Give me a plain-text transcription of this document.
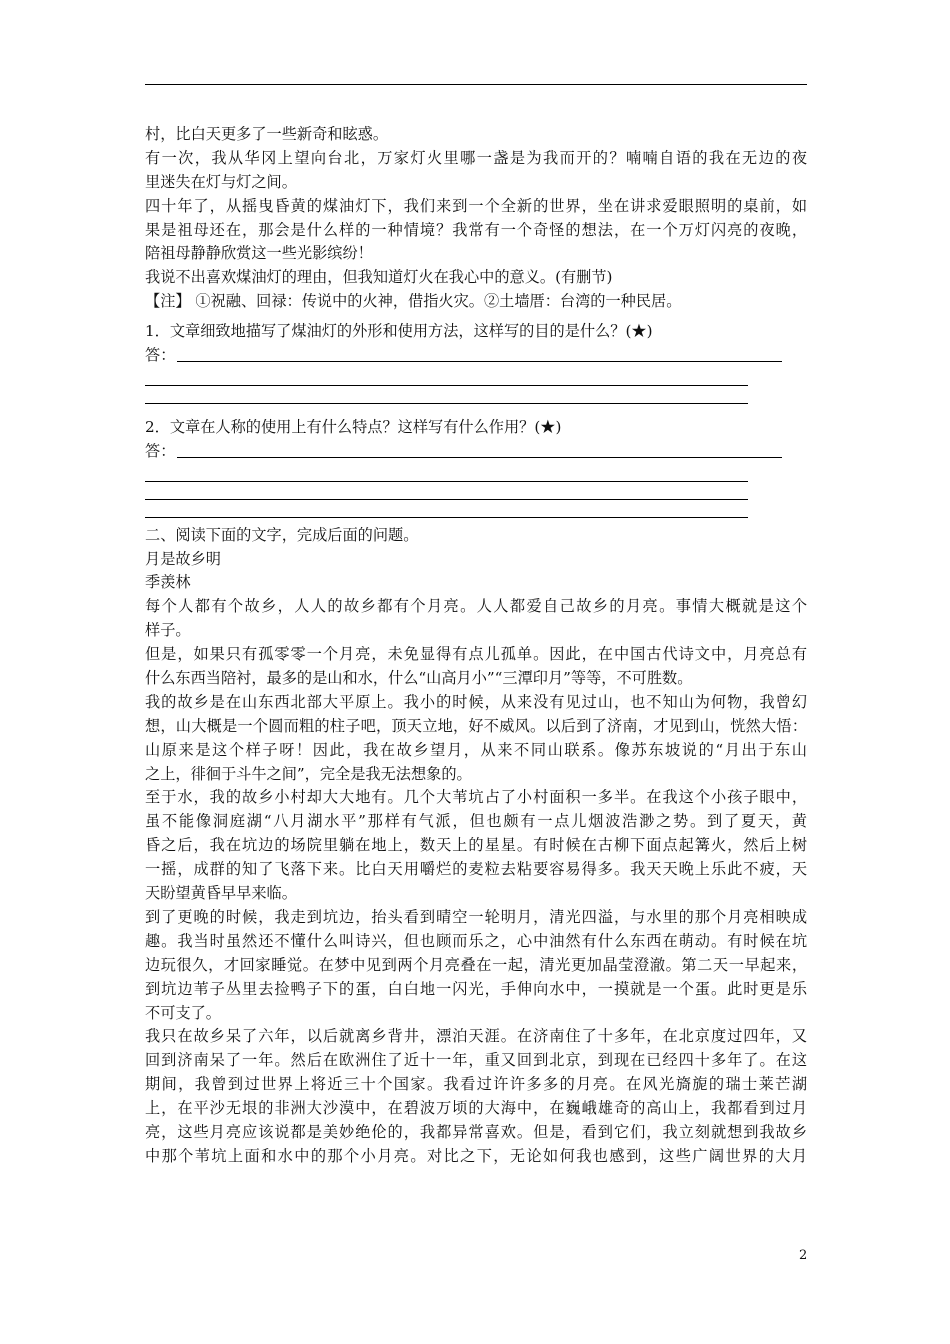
村，比白天更多了一些新奇和眩惑。
有一次，我从华冈上望向台北，万家灯火里哪一盏是为我而开的？喃喃自语的我在无边的夜
里迷失在灯与灯之间。
四十年了，从摇曳昏黄的煤油灯下，我们来到一个全新的世界，坐在讲求爱眼照明的桌前，如
果是祖母还在，那会是什么样的一种情境？我常有一个奇怪的想法，在一个万灯闪亮的夜晚，
陪祖母静静欣赏这一些光影缤纷！
我说不出喜欢煤油灯的理由，但我知道灯火在我心中的意义。(有删节)
【注】 ①祝融、回禄：传说中的火神，借指火灾。②土墙厝：台湾的一种民居。
1．文章细致地描写了煤油灯的外形和使用方法，这样写的目的是什么？(★)
答：
2．文章在人称的使用上有什么特点？这样写有什么作用？(★)
答：
二、阅读下面的文字，完成后面的问题。
月是故乡明
季羡林
每个人都有个故乡，人人的故乡都有个月亮。人人都爱自己故乡的月亮。事情大概就是这个
样子。
但是，如果只有孤零零一个月亮，未免显得有点儿孤单。因此，在中国古代诗文中，月亮总有
什么东西当陪衬，最多的是山和水，什么“山高月小”“三潭印月”等等，不可胜数。
我的故乡是在山东西北部大平原上。我小的时候，从来没有见过山，也不知山为何物，我曾幻
想，山大概是一个圆而粗的柱子吧，顶天立地，好不威风。以后到了济南，才见到山，恍然大悟：
山原来是这个样子呀！因此，我在故乡望月，从来不同山联系。像苏东坡说的“月出于东山
之上，徘徊于斗牛之间”，完全是我无法想象的。
至于水，我的故乡小村却大大地有。几个大苇坑占了小村面积一多半。在我这个小孩子眼中，
虽不能像洞庭湖“八月湖水平”那样有气派，但也颇有一点儿烟波浩渺之势。到了夏天，黄
昏之后，我在坑边的场院里躺在地上，数天上的星星。有时候在古柳下面点起篝火，然后上树
一摇，成群的知了飞落下来。比白天用嚼烂的麦粒去粘要容易得多。我天天晚上乐此不疲，天
天盼望黄昏早早来临。
到了更晚的时候，我走到坑边，抬头看到晴空一轮明月，清光四溢，与水里的那个月亮相映成
趣。我当时虽然还不懂什么叫诗兴，但也顾而乐之，心中油然有什么东西在萌动。有时候在坑
边玩很久，才回家睡觉。在梦中见到两个月亮叠在一起，清光更加晶莹澄澈。第二天一早起来，
到坑边苇子丛里去捡鸭子下的蛋，白白地一闪光，手伸向水中，一摸就是一个蛋。此时更是乐
不可支了。
我只在故乡呆了六年，以后就离乡背井，漂泊天涯。在济南住了十多年，在北京度过四年，又
回到济南呆了一年。然后在欧洲住了近十一年，重又回到北京，到现在已经四十多年了。在这
期间，我曾到过世界上将近三十个国家。我看过许许多多的月亮。在风光旖旎的瑞士莱芒湖
上，在平沙无垠的非洲大沙漠中，在碧波万顷的大海中，在巍峨雄奇的高山上，我都看到过月
亮，这些月亮应该说都是美妙绝伦的，我都异常喜欢。但是，看到它们，我立刻就想到我故乡
中那个苇坑上面和水中的那个小月亮。对比之下，无论如何我也感到，这些广阔世界的大月
2
